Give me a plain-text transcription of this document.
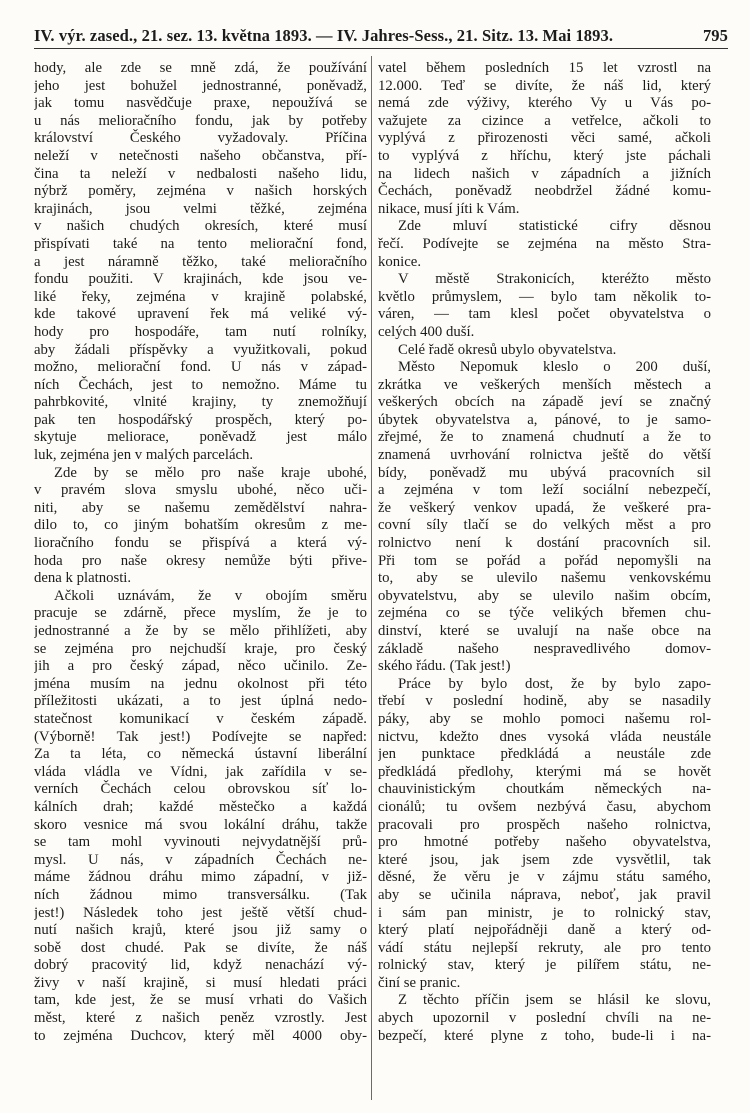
IV. výr. zased., 21. sez. 13. května 1893. — IV. Jahres-Sess., 21. Sitz. 13. Mai 1893.	795
hody, ale zde se mně zdá, že používání
jeho jest bohužel jednostranné, poněvadž,
jak tomu nasvědčuje praxe, nepoužívá se
u nás melioračního fondu, jak by potřeby
království Českého vyžadovaly. Příčina
neleží v netečnosti našeho občanstva, pří-
čina ta neleží v nedbalosti našeho lidu,
nýbrž poměry, zejména v našich horských
krajinách, jsou velmi těžké, zejména
v našich chudých okresích, které musí
přispívati také na tento meliorační fond,
a jest náramně těžko, také melioračního
fondu použiti. V krajinách, kde jsou ve-
liké řeky, zejména v krajině polabské,
kde takové upravení řek má veliké vý-
hody pro hospodáře, tam nutí rolníky,
aby žádali příspěvky a využitkovali, pokud
možno, meliorační fond. U nás v západ-
ních Čechách, jest to nemožno. Máme tu
pahrbkovité, vlnité krajiny, ty znemožňují
pak ten hospodářský prospěch, který po-
skytuje meliorace, poněvadž jest málo
luk, zejména jen v malých parcelách.
Zde by se mělo pro naše kraje ubohé,
v pravém slova smyslu ubohé, něco uči-
niti, aby se našemu zemědělství nahra-
dilo to, co jiným bohatším okresům z me-
lioračního fondu se přispívá a která vý-
hoda pro naše okresy nemůže býti přive-
dena k platnosti.
Ačkoli uznávám, že v obojím směru
pracuje se zdárně, přece myslím, že je to
jednostranné a že by se mělo přihlížeti, aby
se zejména pro nejchudší kraje, pro český
jih a pro český západ, něco učinilo. Ze-
jména musím na jednu okolnost při této
příležitosti ukázati, a to jest úplná nedo-
statečnost komunikací v českém západě.
(Výborně! Tak jest!) Podívejte se napřed:
Za ta léta, co německá ústavní liberální
vláda vládla ve Vídni, jak zařídila v se-
verních Čechách celou obrovskou síť lo-
kálních drah; každé městečko a každá
skoro vesnice má svou lokální dráhu, takže
se tam mohl vyvinouti nejvydatnější prů-
mysl. U nás, v západních Čechách ne-
máme žádnou dráhu mimo západní, v již-
ních žádnou mimo transversálku. (Tak
jest!) Následek toho jest ještě větší chud-
nutí našich krajů, které jsou již samy o
sobě dost chudé. Pak se divíte, že náš
dobrý pracovitý lid, když nenachází vý-
živy v naší krajině, si musí hledati práci
tam, kde jest, že se musí vrhati do Vašich
měst, které z našich peněz vzrostly. Jest
to zejména Duchcov, který měl 4000 oby-
vatel během posledních 15 let vzrostl na
12.000. Teď se divíte, že náš lid, který
nemá zde výživy, kterého Vy u Vás po-
važujete za cizince a vetřelce, ačkoli to
vyplývá z přirozenosti věci samé, ačkoli
to vyplývá z hříchu, který jste páchali
na lidech našich v západních a jižních
Čechách, poněvadž neobdržel žádné komu-
nikace, musí jíti k Vám.
Zde mluví statistické cifry děsnou
řečí. Podívejte se zejména na město Stra-
konice.
V městě Strakonicích, kteréžto město
květlo průmyslem, — bylo tam několik to-
váren, — tam klesl počet obyvatelstva o
celých 400 duší.
Celé řadě okresů ubylo obyvatelstva.
Město Nepomuk kleslo o 200 duší,
zkrátka ve veškerých menších městech a
veškerých obcích na západě jeví se značný
úbytek obyvatelstva a, pánové, to je samo-
zřejmé, že to znamená chudnutí a že to
znamená uvrhování rolnictva ještě do větší
bídy, poněvadž mu ubývá pracovních sil
a zejména v tom leží sociální nebezpečí,
že veškerý venkov upadá, že veškeré pra-
covní síly tlačí se do velkých měst a pro
rolnictvo není k dostání pracovních sil.
Při tom se pořád a pořád nepomyšli na
to, aby se ulevilo našemu venkovskému
obyvatelstvu, aby se ulevilo našim obcím,
zejména co se týče velikých břemen chu-
dinství, které se uvalují na naše obce na
základě našeho nespravedlivého domov-
ského řádu. (Tak jest!)
Práce by bylo dost, že by bylo zapo-
třebí v poslední hodině, aby se nasadily
páky, aby se mohlo pomoci našemu rol-
nictvu, kdežto dnes vysoká vláda neustále
jen punktace předkládá a neustále zde
předkládá předlohy, kterými má se hovět
chauvinistickým choutkám německých na-
cionálů; tu ovšem nezbývá času, abychom
pracovali pro prospěch našeho rolnictva,
pro hmotné potřeby našeho obyvatelstva,
které jsou, jak jsem zde vysvětlil, tak
děsné, že věru je v zájmu státu samého,
aby se učinila náprava, neboť, jak pravil
i sám pan ministr, je to rolnický stav,
který platí nejpořádněji daně a který od-
vádí státu nejlepší rekruty, ale pro tento
rolnický stav, který je pilířem státu, ne-
činí se pranic.
Z těchto příčin jsem se hlásil ke slovu,
abych upozornil v poslední chvíli na ne-
bezpečí, které plyne z toho, bude-li i na-
